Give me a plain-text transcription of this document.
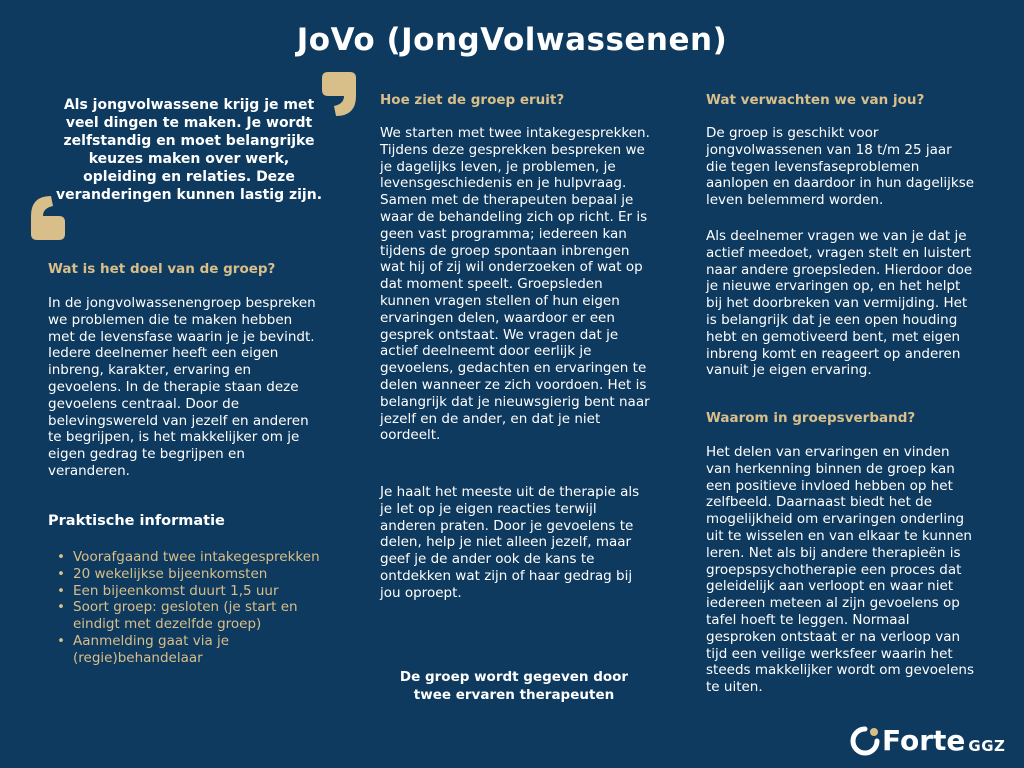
JoVo (JongVolwassenen)
Als jongvolwassene krijg je met veel dingen te maken. Je wordt zelfstandig en moet belangrijke keuzes maken over werk, opleiding en relaties. Deze veranderingen kunnen lastig zijn.
Wat is het doel van de groep?
In de jongvolwassenengroep bespreken we problemen die te maken hebben met de levensfase waarin je je bevindt. Iedere deelnemer heeft een eigen inbreng, karakter, ervaring en gevoelens. In de therapie staan deze gevoelens centraal. Door de belevingswereld van jezelf en anderen te begrijpen, is het makkelijker om je eigen gedrag te begrijpen en veranderen.
Praktische informatie
• Voorafgaand twee intakegesprekken
• 20 wekelijkse bijeenkomsten
• Een bijeenkomst duurt 1,5 uur
• Soort groep: gesloten (je start en eindigt met dezelfde groep)
• Aanmelding gaat via je (regie)behandelaar
Hoe ziet de groep eruit?
We starten met twee intakegesprekken. Tijdens deze gesprekken bespreken we je dagelijks leven, je problemen, je levensgeschiedenis en je hulpvraag. Samen met de therapeuten bepaal je waar de behandeling zich op richt. Er is geen vast programma; iedereen kan tijdens de groep spontaan inbrengen wat hij of zij wil onderzoeken of wat op dat moment speelt. Groepsleden kunnen vragen stellen of hun eigen ervaringen delen, waardoor er een gesprek ontstaat. We vragen dat je actief deelneemt door eerlijk je gevoelens, gedachten en ervaringen te delen wanneer ze zich voordoen. Het is belangrijk dat je nieuwsgierig bent naar jezelf en de ander, en dat je niet oordeelt.
Je haalt het meeste uit de therapie als je let op je eigen reacties terwijl anderen praten. Door je gevoelens te delen, help je niet alleen jezelf, maar geef je de ander ook de kans te ontdekken wat zijn of haar gedrag bij jou oproept.
De groep wordt gegeven door twee ervaren therapeuten
Wat verwachten we van jou?
De groep is geschikt voor jongvolwassenen van 18 t/m 25 jaar die tegen levensfaseproblemen aanlopen en daardoor in hun dagelijkse leven belemmerd worden.
Als deelnemer vragen we van je dat je actief meedoet, vragen stelt en luistert naar andere groepsleden. Hierdoor doe je nieuwe ervaringen op, en het helpt bij het doorbreken van vermijding. Het is belangrijk dat je een open houding hebt en gemotiveerd bent, met eigen inbreng komt en reageert op anderen vanuit je eigen ervaring.
Waarom in groepsverband?
Het delen van ervaringen en vinden van herkenning binnen de groep kan een positieve invloed hebben op het zelfbeeld. Daarnaast biedt het de mogelijkheid om ervaringen onderling uit te wisselen en van elkaar te kunnen leren. Net als bij andere therapieën is groepspsychotherapie een proces dat geleidelijk aan verloopt en waar niet iedereen meteen al zijn gevoelens op tafel hoeft te leggen. Normaal gesproken ontstaat er na verloop van tijd een veilige werksfeer waarin het steeds makkelijker wordt om gevoelens te uiten.
Forte GGZ
